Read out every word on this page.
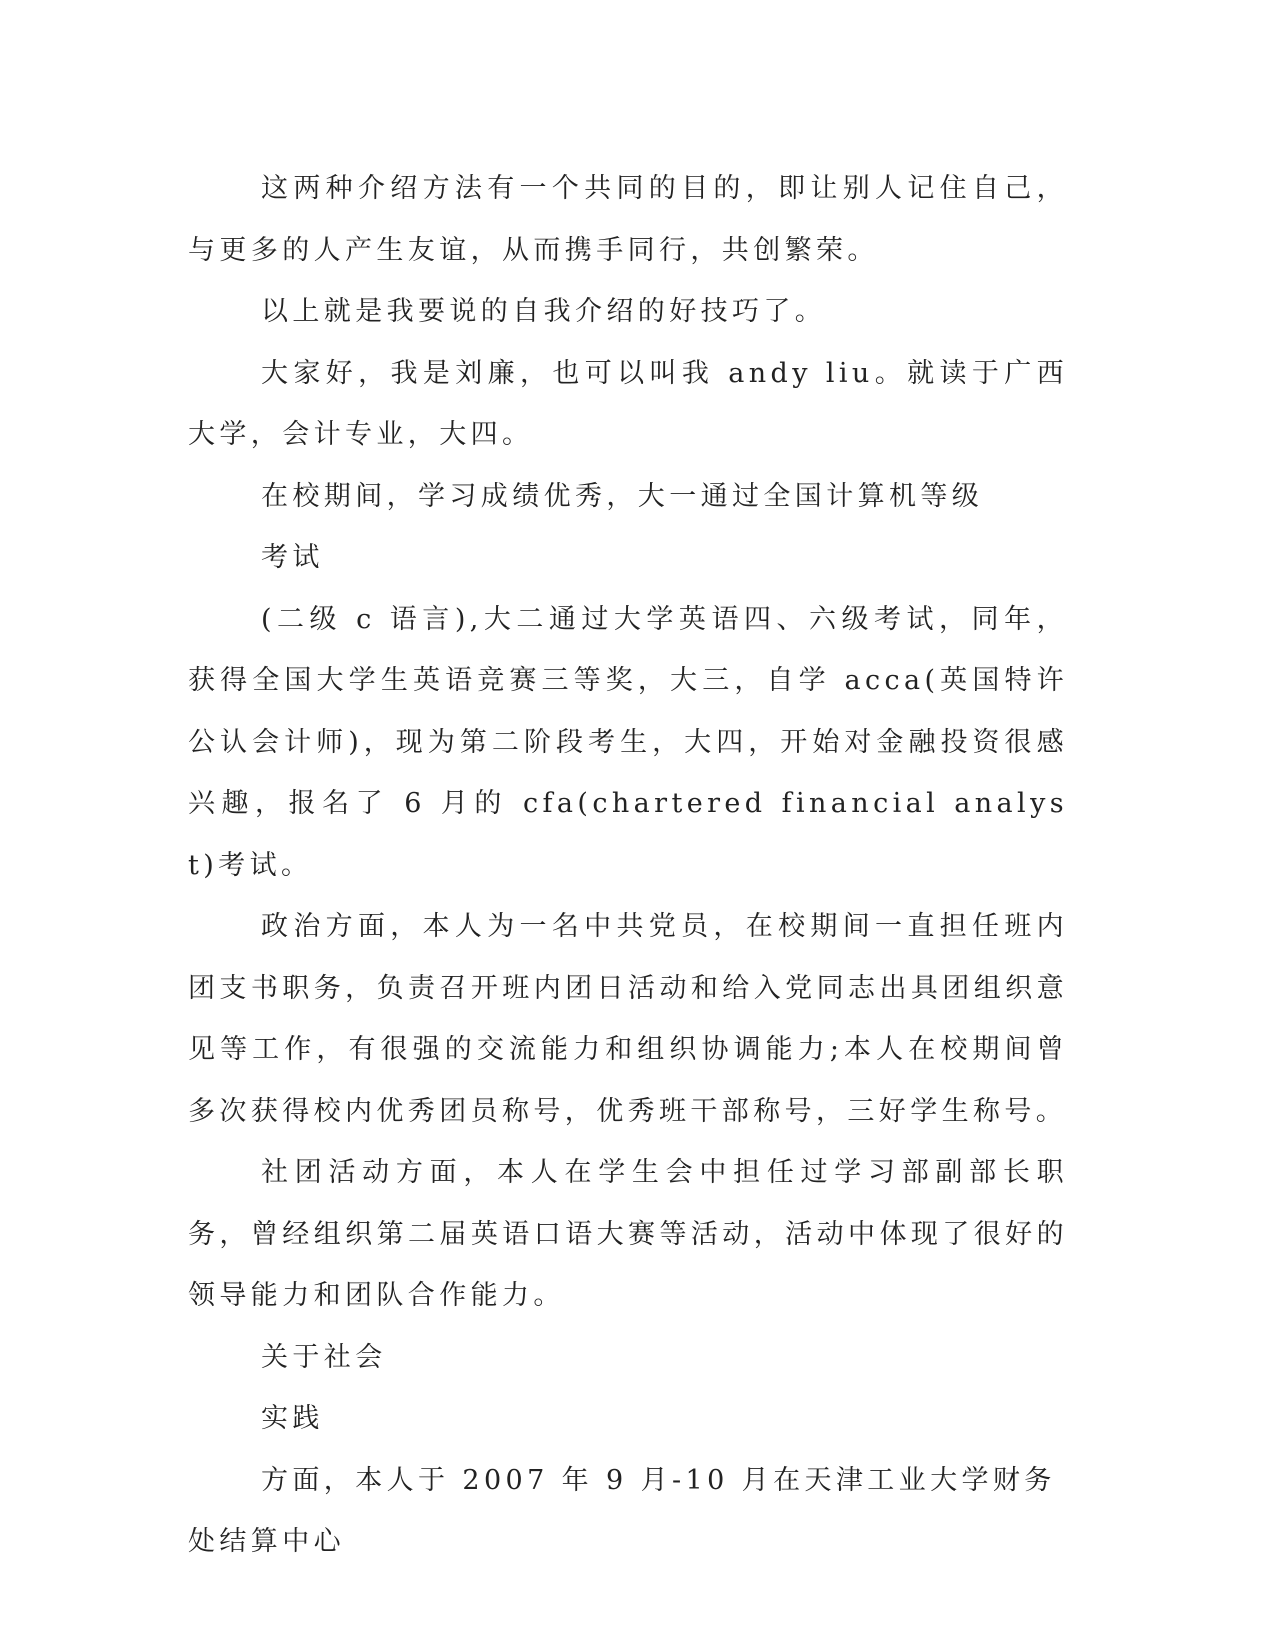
这两种介绍方法有一个共同的目的，即让别人记住自己，与更多的人产生友谊，从而携手同行，共创繁荣。

以上就是我要说的自我介绍的好技巧了。

大家好，我是刘廉，也可以叫我 andy liu。就读于广西大学，会计专业，大四。

在校期间，学习成绩优秀，大一通过全国计算机等级

考试

(二级 c 语言),大二通过大学英语四、六级考试，同年，获得全国大学生英语竞赛三等奖，大三，自学 acca(英国特许公认会计师)，现为第二阶段考生，大四，开始对金融投资很感兴趣，报名了 6 月的 cfa(chartered financial analyst)考试。

政治方面，本人为一名中共党员，在校期间一直担任班内团支书职务，负责召开班内团日活动和给入党同志出具团组织意见等工作，有很强的交流能力和组织协调能力;本人在校期间曾多次获得校内优秀团员称号，优秀班干部称号，三好学生称号。

社团活动方面，本人在学生会中担任过学习部副部长职务，曾经组织第二届英语口语大赛等活动，活动中体现了很好的领导能力和团队合作能力。

关于社会

实践

方面，本人于 2007 年 9 月-10 月在天津工业大学财务处结算中心
